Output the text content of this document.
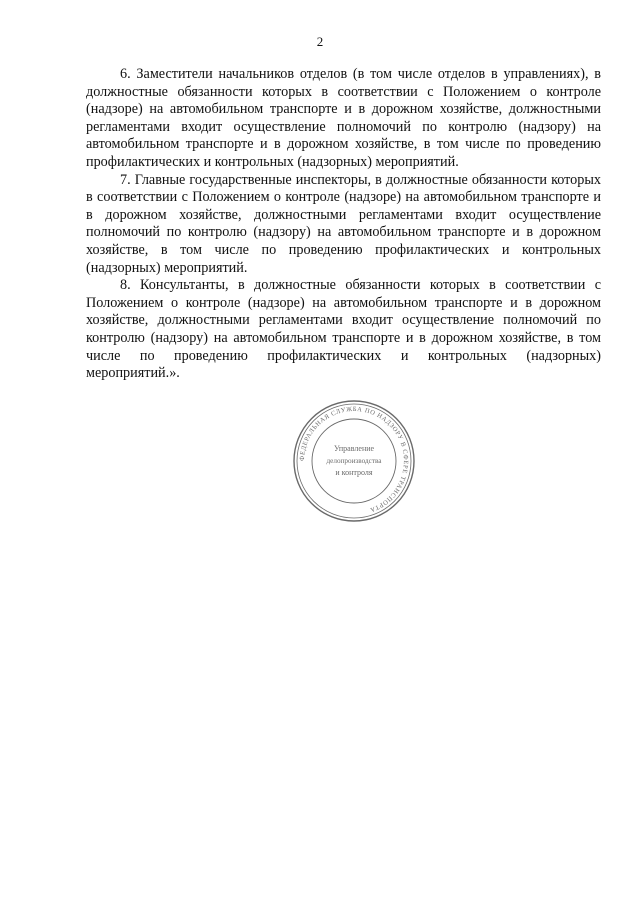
2

6. Заместители начальников отделов (в том числе отделов в управлениях), в должностные обязанности которых в соответствии с Положением о контроле (надзоре) на автомобильном транспорте и в дорожном хозяйстве, должностными регламентами входит осуществление полномочий по контролю (надзору) на автомобильном транспорте и в дорожном хозяйстве, в том числе по проведению профилактических и контрольных (надзорных) мероприятий.

7. Главные государственные инспекторы, в должностные обязанности которых в соответствии с Положением о контроле (надзоре) на автомобильном транспорте и в дорожном хозяйстве, должностными регламентами входит осуществление полномочий по контролю (надзору) на автомобильном транспорте и в дорожном хозяйстве, в том числе по проведению профилактических и контрольных (надзорных) мероприятий.

8. Консультанты, в должностные обязанности которых в соответствии с Положением о контроле (надзоре) на автомобильном транспорте и в дорожном хозяйстве, должностными регламентами входит осуществление полномочий по контролю (надзору) на автомобильном транспорте и в дорожном хозяйстве, в том числе по проведению профилактических и контрольных (надзорных) мероприятий.».

ФЕДЕРАЛЬНАЯ СЛУЖБА ПО НАДЗОРУ В СФЕРЕ ТРАНСПОРТА
Управление
делопроизводства
и контроля
